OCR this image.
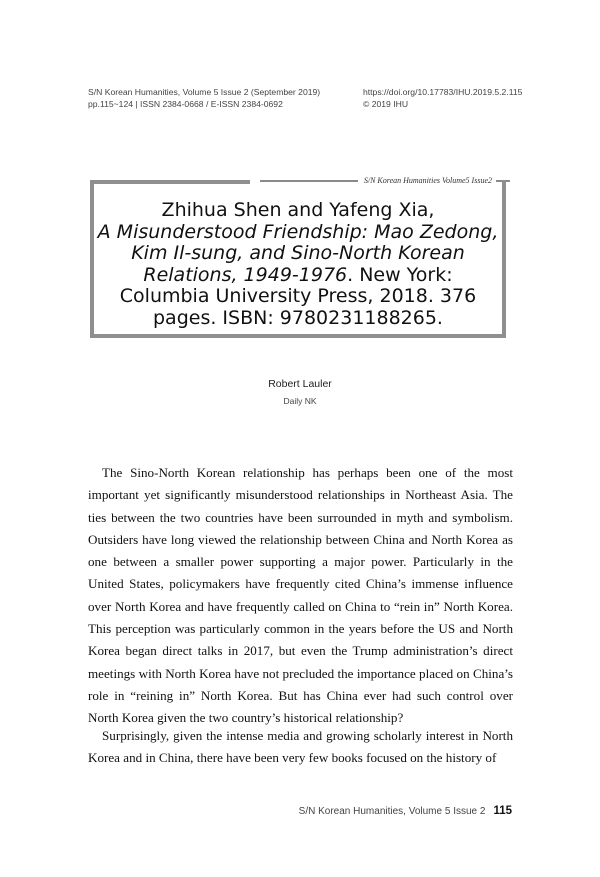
S/N Korean Humanities, Volume 5 Issue 2 (September 2019)
pp.115~124 | ISSN 2384-0668 / E-ISSN 2384-0692
https://doi.org/10.17783/IHU.2019.5.2.115
© 2019 IHU
S/N Korean Humanities Volume5 Issue2
Zhihua Shen and Yafeng Xia,
A Misunderstood Friendship: Mao Zedong, Kim Il-sung, and Sino-North Korean Relations, 1949-1976. New York: Columbia University Press, 2018. 376 pages. ISBN: 9780231188265.
Robert Lauler
Daily NK

The Sino-North Korean relationship has perhaps been one of the most important yet significantly misunderstood relationships in Northeast Asia. The ties between the two countries have been surrounded in myth and symbolism. Outsiders have long viewed the relationship between China and North Korea as one between a smaller power supporting a major power. Particularly in the United States, policymakers have frequently cited China’s immense influence over North Korea and have frequently called on China to “rein in” North Korea. This perception was particularly common in the years before the US and North Korea began direct talks in 2017, but even the Trump administration’s direct meetings with North Korea have not precluded the importance placed on China’s role in “reining in” North Korea. But has China ever had such control over North Korea given the two country’s historical relationship?

Surprisingly, given the intense media and growing scholarly interest in North Korea and in China, there have been very few books focused on the history of

S/N Korean Humanities, Volume 5 Issue 2 115
